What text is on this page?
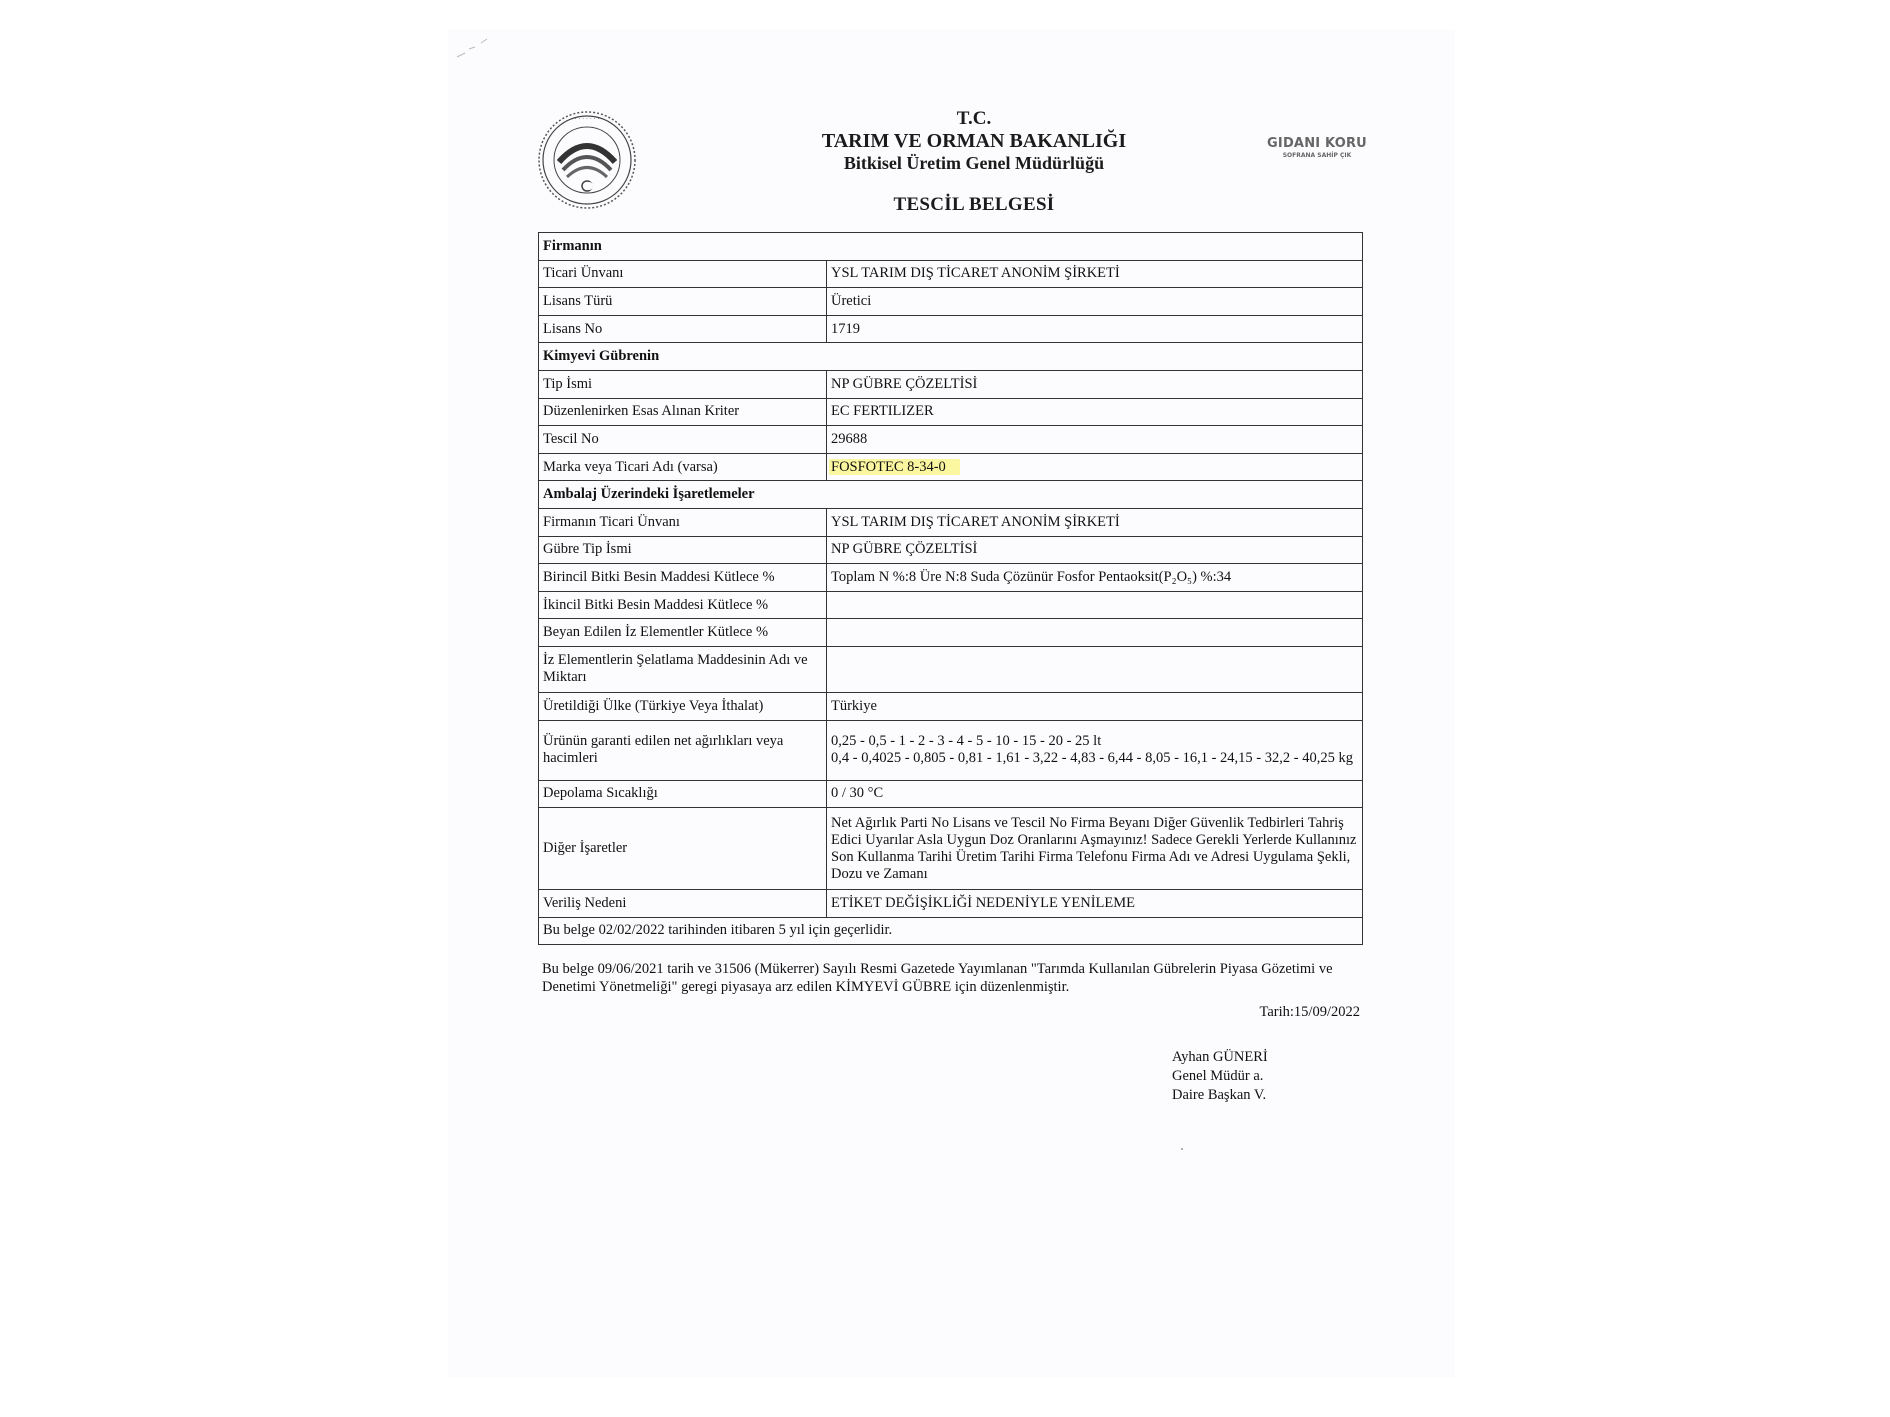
· · · · · · ·	T.C.
TARIM VE ORMAN BAKANLIĞI
Bitkisel Üretim Genel Müdürlüğü
TESCİL BELGESİ
GIDANI KORU
SOFRANA SAHİP ÇIK
Firmanın	
Ticari Ünvanı	YSL TARIM DIŞ TİCARET ANONİM ŞİRKETİ
Lisans Türü	Üretici
Lisans No	1719
Kimyevi Gübrenin	
Tip İsmi	NP GÜBRE ÇÖZELTİSİ
Düzenlenirken Esas Alınan Kriter	EC FERTILIZER
Tescil No	29688
Marka veya Ticari Adı (varsa)	FOSFOTEC 8-34-0
Ambalaj Üzerindeki İşaretlemeler	
Firmanın Ticari Ünvanı	YSL TARIM DIŞ TİCARET ANONİM ŞİRKETİ
Gübre Tip İsmi	NP GÜBRE ÇÖZELTİSİ
Birincil Bitki Besin Maddesi Kütlece %	Toplam N %:8 Üre N:8 Suda Çözünür Fosfor Pentaoksit(P₂O₅) %:34
İkincil Bitki Besin Maddesi Kütlece %	
Beyan Edilen İz Elementler Kütlece %	
İz Elementlerin Şelatlama Maddesinin Adı ve Miktarı	
Üretildiği Ülke (Türkiye Veya İthalat)	Türkiye
Ürünün garanti edilen net ağırlıkları veya hacimleri	0,25 - 0,5 - 1 - 2 - 3 - 4 - 5 - 10 - 15 - 20 - 25 lt
0,4 - 0,4025 - 0,805 - 0,81 - 1,61 - 3,22 - 4,83 - 6,44 - 8,05 - 16,1 - 24,15 - 32,2 - 40,25 kg

Depolama Sıcaklığı	0 / 30 °C
Diğer İşaretler	Net Ağırlık Parti No Lisans ve Tescil No Firma Beyanı Diğer Güvenlik Tedbirleri Tahriş Edici Uyarılar Asla Uygun Doz Oranlarını Aşmayınız! Sadece Gerekli Yerlerde Kullanınız Son Kullanma Tarihi Üretim Tarihi Firma Telefonu Firma Adı ve Adresi Uygulama Şekli, Dozu ve Zamanı
Veriliş Nedeni	ETİKET DEĞİŞİKLİĞİ NEDENİYLE YENİLEME
Bu belge 02/02/2022 tarihinden itibaren 5 yıl için geçerlidir.	
Bu belge 09/06/2021 tarih ve 31506 (Mükerrer) Sayılı Resmi Gazetede Yayımlanan "Tarımda Kullanılan Gübrelerin Piyasa Gözetimi ve Denetimi Yönetmeliği" geregi piyasaya arz edilen KİMYEVİ GÜBRE için düzenlenmiştir.
Tarih:15/09/2022
Ayhan GÜNERİ
Genel Müdür a.
Daire Başkan V.
